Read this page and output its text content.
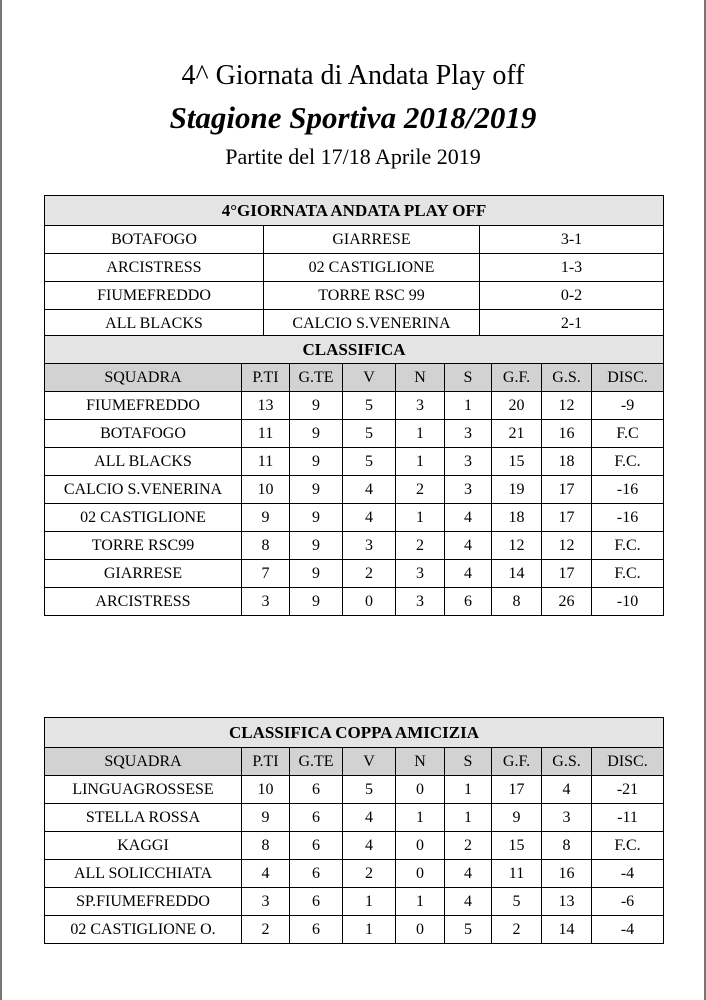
4^ Giornata di Andata Play off
Stagione Sportiva 2018/2019
Partite del 17/18 Aprile 2019
4°GIORNATA ANDATA PLAY OFF		
BOTAFOGO	GIARRESE	3-1
ARCISTRESS	02 CASTIGLIONE	1-3
FIUMEFREDDO	TORRE RSC 99	0-2
ALL BLACKS	CALCIO S.VENERINA	2-1
CLASSIFICA								
SQUADRA	P.TI	G.TE	V	N	S	G.F.	G.S.	DISC.
FIUMEFREDDO	13	9	5	3	1	20	12	-9
BOTAFOGO	11	9	5	1	3	21	16	F.C
ALL BLACKS	11	9	5	1	3	15	18	F.C.
CALCIO S.VENERINA	10	9	4	2	3	19	17	-16
02 CASTIGLIONE	9	9	4	1	4	18	17	-16
TORRE RSC99	8	9	3	2	4	12	12	F.C.
GIARRESE	7	9	2	3	4	14	17	F.C.
ARCISTRESS	3	9	0	3	6	8	26	-10
CLASSIFICA COPPA AMICIZIA								
SQUADRA	P.TI	G.TE	V	N	S	G.F.	G.S.	DISC.
LINGUAGROSSESE	10	6	5	0	1	17	4	-21
STELLA ROSSA	9	6	4	1	1	9	3	-11
KAGGI	8	6	4	0	2	15	8	F.C.
ALL SOLICCHIATA	4	6	2	0	4	11	16	-4
SP.FIUMEFREDDO	3	6	1	1	4	5	13	-6
02 CASTIGLIONE O.	2	6	1	0	5	2	14	-4
